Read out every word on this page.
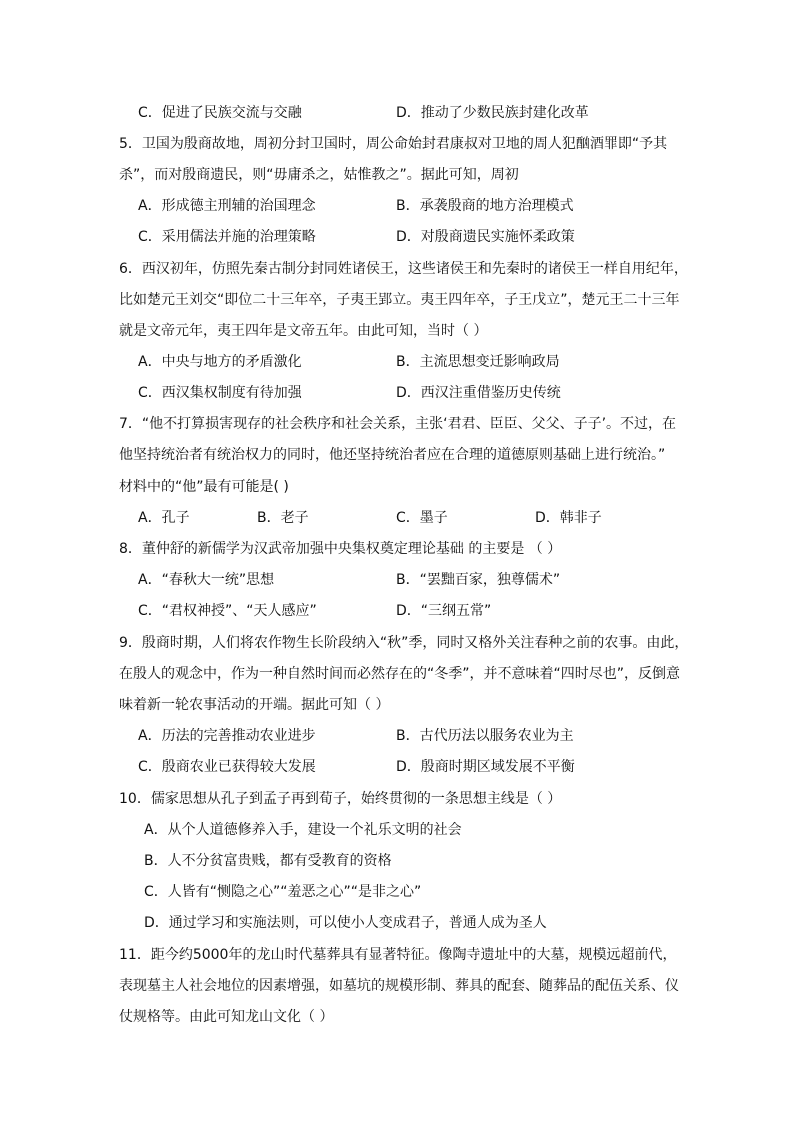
C．促进了民族交流与交融	D．推动了少数民族封建化改革
5．卫国为殷商故地，周初分封卫国时，周公命始封君康叔对卫地的周人犯酗酒罪即“予其
杀”，而对殷商遗民，则“毋庸杀之，姑惟教之”。据此可知，周初
A．形成德主刑辅的治国理念	B．承袭殷商的地方治理模式
C．采用儒法并施的治理策略	D．对殷商遗民实施怀柔政策
6．西汉初年，仿照先秦古制分封同姓诸侯王，这些诸侯王和先秦时的诸侯王一样自用纪年，
比如楚元王刘交“即位二十三年卒，子夷王郢立。夷王四年卒，子王戊立”，楚元王二十三年
就是文帝元年，夷王四年是文帝五年。由此可知，当时（ ）
A．中央与地方的矛盾激化	B．主流思想变迁影响政局
C．西汉集权制度有待加强	D．西汉注重借鉴历史传统
7．“他不打算损害现存的社会秩序和社会关系，主张‘君君、臣臣、父父、子子’。不过，在
他坚持统治者有统治权力的同时，他还坚持统治者应在合理的道德原则基础上进行统治。”
材料中的“他”最有可能是( )
A．孔子	B．老子	C．墨子	D．韩非子
8．董仲舒的新儒学为汉武帝加强中央集权奠定理论基础 的主要是 （ ）
A．“春秋大一统”思想	B．“罢黜百家，独尊儒术”
C．“君权神授”、“天人感应”	D．“三纲五常”
9．殷商时期，人们将农作物生长阶段纳入“秋”季，同时又格外关注春种之前的农事。由此，
在殷人的观念中，作为一种自然时间而必然存在的“冬季”，并不意味着“四时尽也”，反倒意
味着新一轮农事活动的开端。据此可知（ ）
A．历法的完善推动农业进步	B．古代历法以服务农业为主
C．殷商农业已获得较大发展	D．殷商时期区域发展不平衡
10．儒家思想从孔子到孟子再到荀子，始终贯彻的一条思想主线是（ ）
A．从个人道德修养入手，建设一个礼乐文明的社会
B．人不分贫富贵贱，都有受教育的资格
C．人皆有“恻隐之心”“羞恶之心”“是非之心”
D．通过学习和实施法则，可以使小人变成君子，普通人成为圣人
11．距今约5000年的龙山时代墓葬具有显著特征。像陶寺遗址中的大墓，规模远超前代，
表现墓主人社会地位的因素增强，如墓坑的规模形制、葬具的配套、随葬品的配伍关系、仪
仗规格等。由此可知龙山文化（ ）
